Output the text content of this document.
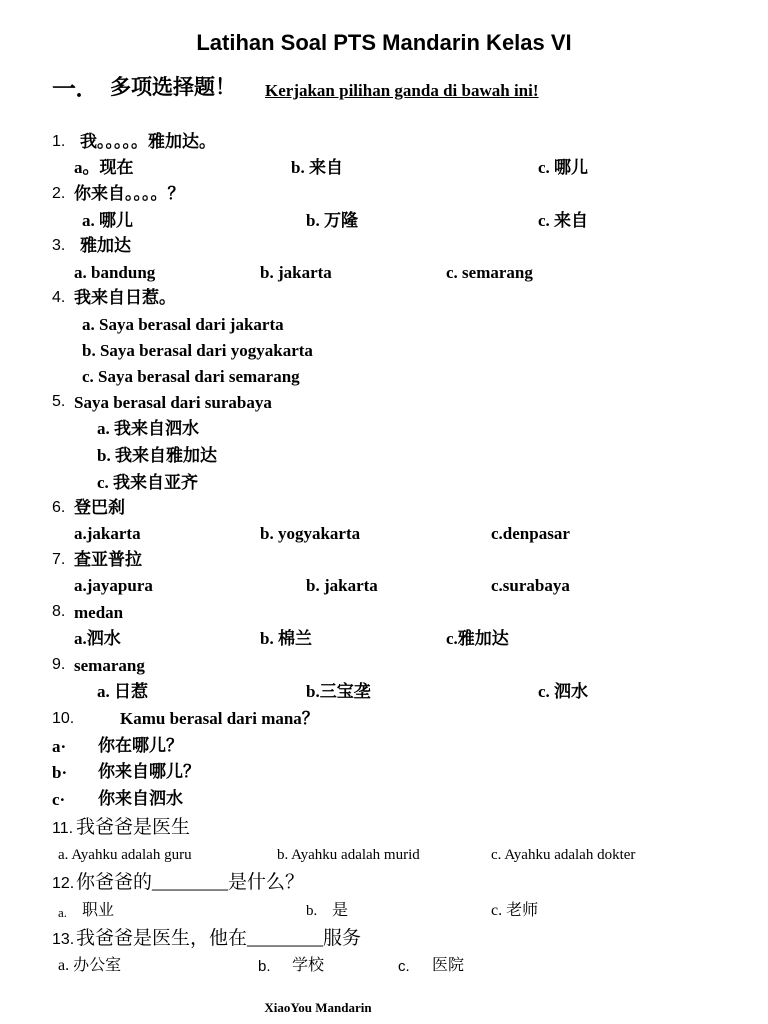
Latihan Soal PTS Mandarin Kelas VI
一. 多项选择题！ Kerjakan pilihan ganda di bawah ini!
1. 我。。。。。雅加达。
a。现在	b. 来自	c. 哪儿
2. 你来自。。。。？
a. 哪儿	b. 万隆	c. 来自
3. 雅加达
a. bandung	b. jakarta	c. semarang
4. 我来自日惹。
a. Saya berasal dari jakarta
b. Saya berasal dari yogyakarta
c. Saya berasal dari semarang
5. Saya berasal dari surabaya
a. 我来自泗水
b. 我来自雅加达
c. 我来自亚齐
6. 登巴刹
a.jakarta	b. yogyakarta	c.denpasar
7. 查亚普拉
a.jayapura	b. jakarta	c.surabaya
8. medan
a.泗水	b. 棉兰	c.雅加达
9. semarang
a. 日惹	b.三宝垄	c. 泗水
10.	Kamu berasal dari mana？
a· 你在哪儿？
b· 你来自哪儿？
c· 你来自泗水
11. 我爸爸是医生
a. Ayahku adalah guru	b. Ayahku adalah murid	c. Ayahku adalah dokter
12. 你爸爸的________是什么？
a. 职业	b. 是	c. 老师
13. 我爸爸是医生，他在________服务
a. 办公室	b. 学校	c. 医院
XiaoYou Mandarin
